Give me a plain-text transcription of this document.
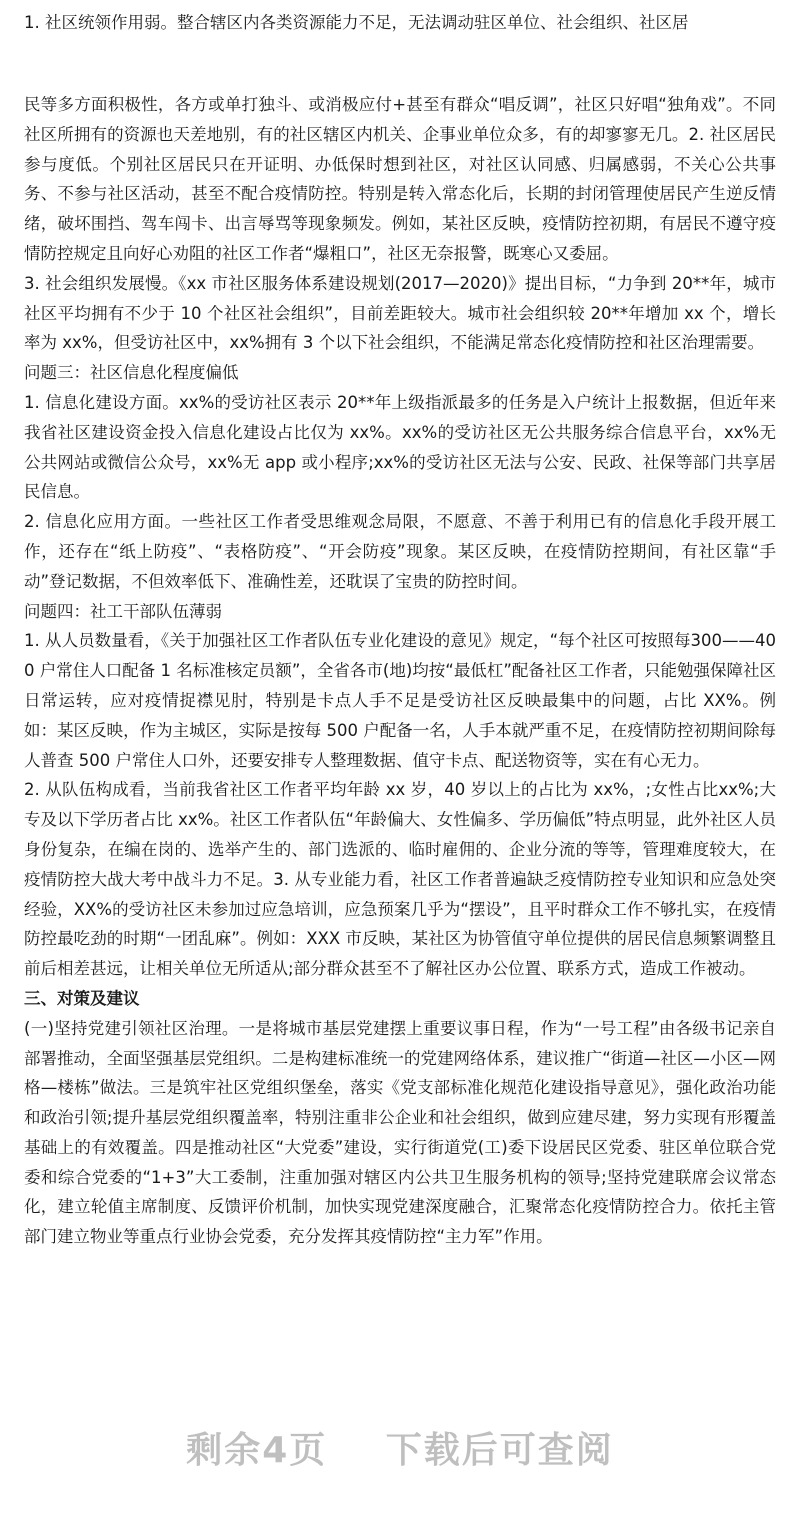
1. 社区统领作用弱。整合辖区内各类资源能力不足，无法调动驻区单位、社会组织、社区居

民等多方面积极性，各方或单打独斗、或消极应付+甚至有群众“唱反调”，社区只好唱“独角戏”。不同社区所拥有的资源也天差地别，有的社区辖区内机关、企事业单位众多，有的却寥寥无几。2. 社区居民参与度低。个别社区居民只在开证明、办低保时想到社区，对社区认同感、归属感弱，不关心公共事务、不参与社区活动，甚至不配合疫情防控。特别是转入常态化后，长期的封闭管理使居民产生逆反情绪，破坏围挡、驾车闯卡、出言辱骂等现象频发。例如，某社区反映，疫情防控初期，有居民不遵守疫情防控规定且向好心劝阻的社区工作者“爆粗口”，社区无奈报警，既寒心又委屈。

3. 社会组织发展慢。《xx 市社区服务体系建设规划(2017—2020)》提出目标，“力争到 20**年，城市社区平均拥有不少于 10 个社区社会组织”，目前差距较大。城市社会组织较 20**年增加 xx 个，增长率为 xx%，但受访社区中，xx%拥有 3 个以下社会组织，不能满足常态化疫情防控和社区治理需要。

问题三：社区信息化程度偏低

1. 信息化建设方面。xx%的受访社区表示 20**年上级指派最多的任务是入户统计上报数据，但近年来我省社区建设资金投入信息化建设占比仅为 xx%。xx%的受访社区无公共服务综合信息平台，xx%无公共网站或微信公众号，xx%无 app 或小程序;xx%的受访社区无法与公安、民政、社保等部门共享居民信息。

2. 信息化应用方面。一些社区工作者受思维观念局限，不愿意、不善于利用已有的信息化手段开展工作，还存在“纸上防疫”、“表格防疫”、“开会防疫”现象。某区反映，在疫情防控期间，有社区靠“手动”登记数据，不但效率低下、准确性差，还耽误了宝贵的防控时间。

问题四：社工干部队伍薄弱

1. 从人员数量看，《关于加强社区工作者队伍专业化建设的意见》规定，“每个社区可按照每300——400 户常住人口配备 1 名标准核定员额”，全省各市(地)均按“最低杠”配备社区工作者，只能勉强保障社区日常运转，应对疫情捉襟见肘，特别是卡点人手不足是受访社区反映最集中的问题，占比 XX%。例如：某区反映，作为主城区，实际是按每 500 户配备一名，人手本就严重不足，在疫情防控初期间除每人普查 500 户常住人口外，还要安排专人整理数据、值守卡点、配送物资等，实在有心无力。

2. 从队伍构成看，当前我省社区工作者平均年龄 xx 岁，40 岁以上的占比为 xx%，;女性占比xx%;大专及以下学历者占比 xx%。社区工作者队伍“年龄偏大、女性偏多、学历偏低”特点明显，此外社区人员身份复杂，在编在岗的、选举产生的、部门选派的、临时雇佣的、企业分流的等等，管理难度较大，在疫情防控大战大考中战斗力不足。3. 从专业能力看，社区工作者普遍缺乏疫情防控专业知识和应急处突经验，XX%的受访社区未参加过应急培训，应急预案几乎为“摆设”，且平时群众工作不够扎实，在疫情防控最吃劲的时期“一团乱麻”。例如：XXX 市反映，某社区为协管值守单位提供的居民信息频繁调整且前后相差甚远，让相关单位无所适从;部分群众甚至不了解社区办公位置、联系方式，造成工作被动。

三、对策及建议

(一)坚持党建引领社区治理。一是将城市基层党建摆上重要议事日程，作为“一号工程”由各级书记亲自部署推动，全面坚强基层党组织。二是构建标准统一的党建网络体系，建议推广“街道—社区—小区—网格—楼栋”做法。三是筑牢社区党组织堡垒，落实《党支部标准化规范化建设指导意见》，强化政治功能和政治引领;提升基层党组织覆盖率，特别注重非公企业和社会组织，做到应建尽建，努力实现有形覆盖基础上的有效覆盖。四是推动社区“大党委”建设，实行街道党(工)委下设居民区党委、驻区单位联合党委和综合党委的“1+3”大工委制，注重加强对辖区内公共卫生服务机构的领导;坚持党建联席会议常态化，建立轮值主席制度、反馈评价机制，加快实现党建深度融合，汇聚常态化疫情防控合力。依托主管部门建立物业等重点行业协会党委，充分发挥其疫情防控“主力军”作用。

剩余4页 下载后可查阅
